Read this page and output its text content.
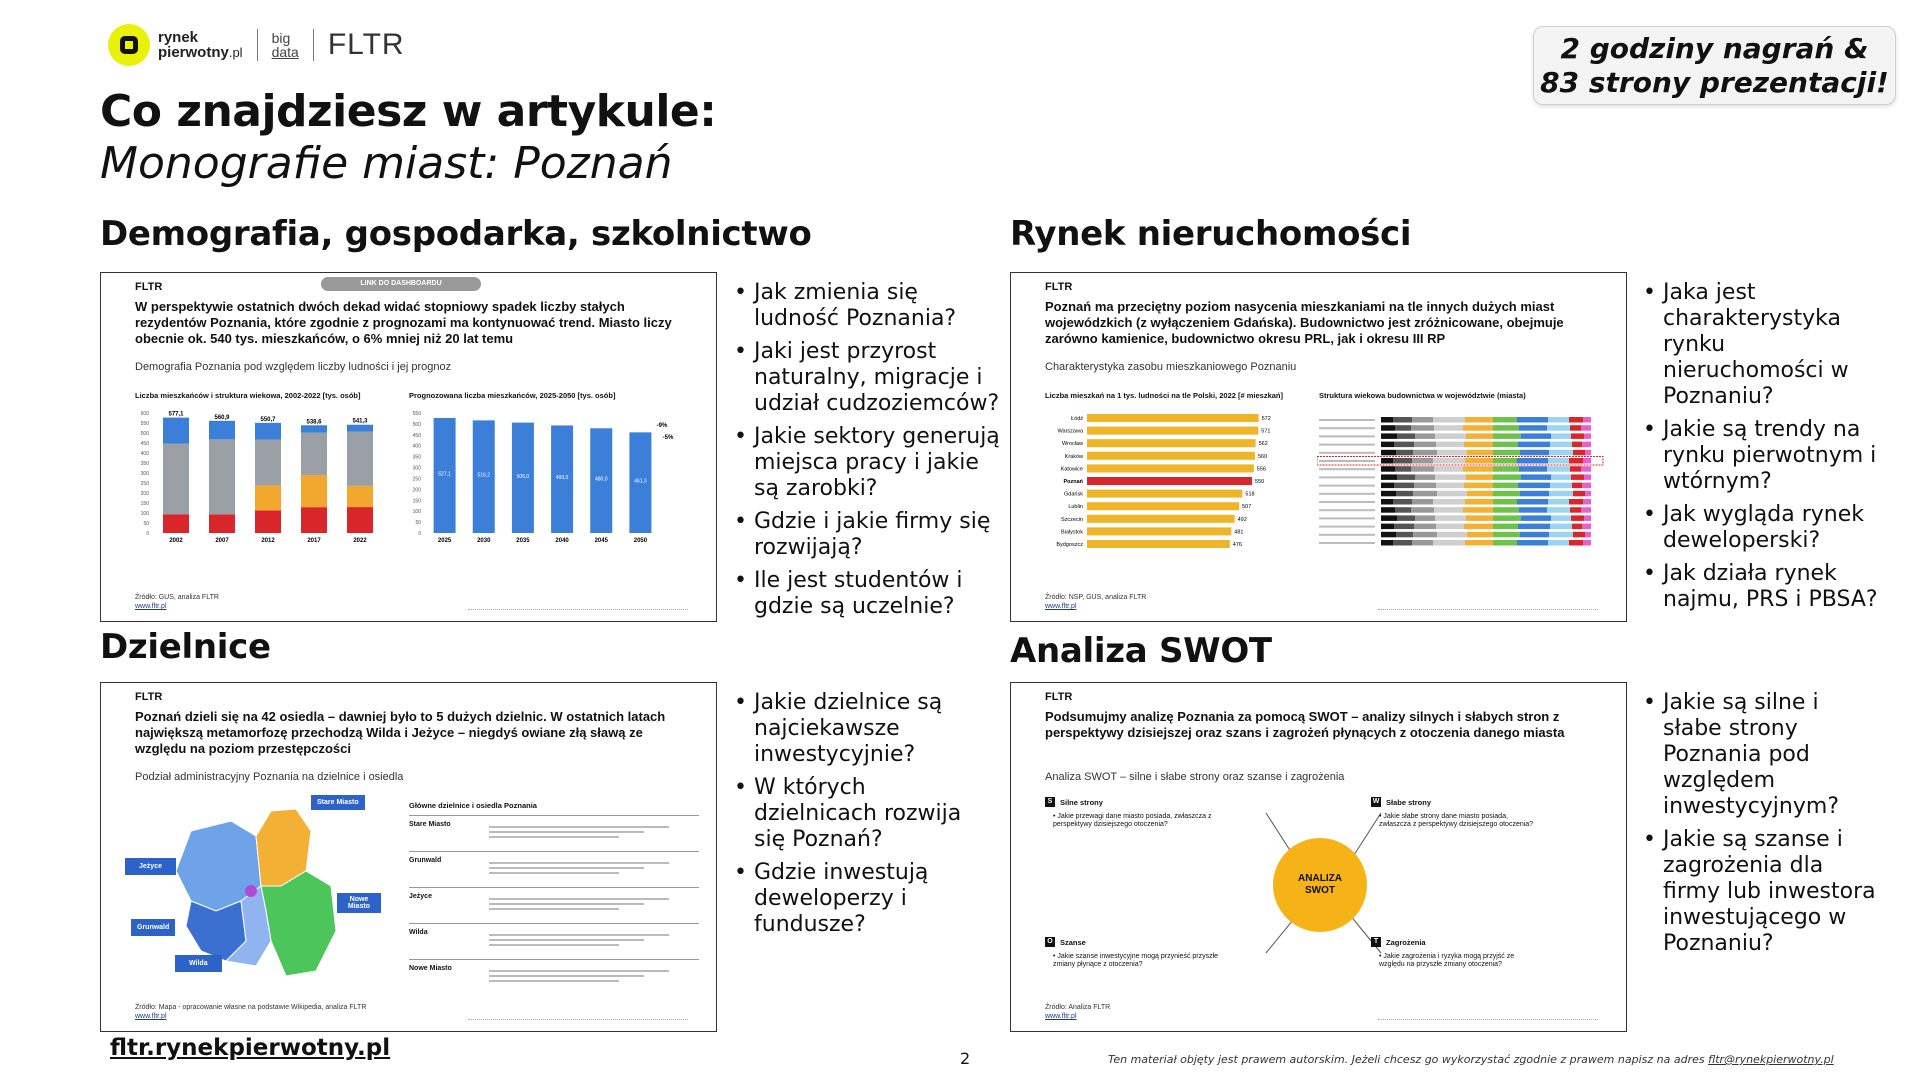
rynek
pierwotny.pl
big
data FLTR
Co znajdziesz w artykule:
Monografie miast: Poznań
2 godziny nagrań &
83 strony prezentacji!
Demografia, gospodarka, szkolnictwo	Rynek nieruchomości
Dzielnice	Analiza SWOT
LINK DO DASHBOARDU
FLTR
W perspektywie ostatnich dwóch dekad widać stopniowy spadek liczby stałych rezydentów Poznania, które zgodnie z prognozami ma kontynuować trend. Miasto liczy obecnie ok. 540 tys. mieszkańców, o 6% mniej niż 20 lat temu
Demografia Poznania pod względem liczby ludności i jej prognoz
Liczba mieszkańców i struktura wiekowa, 2002-2022 [tys. osób]	Prognozowana liczba mieszkańców, 2025-2050 [tys. osób]
600
550
500
450
400
350
300
250
200
150
100
50
0
577,1
2002
560,9
2007
550,7
2012
538,6
2017
541,3
2022
550
500
450
400
350
300
250
200
150
100
50
0
527,1
2025
516,2
2030
506,0
2035
493,0
2040
480,0
2045
461,3
2050
-9%
-5%
Źródło: GUS, analiza FLTR
www.fltr.pl
FLTR
Poznań ma przeciętny poziom nasycenia mieszkaniami na tle innych dużych miast wojewódzkich (z wyłączeniem Gdańska). Budownictwo jest zróżnicowane, obejmuje zarówno kamienice, budownictwo okresu PRL, jak i okresu III RP
Charakterystyka zasobu mieszkaniowego Poznaniu
Liczba mieszkań na 1 tys. ludności na tle Polski, 2022 [# mieszkań]	Struktura wiekowa budownictwa w województwie (miasta)
Łódź	572
Warszawa	571
Wrocław	562
Kraków	560
Katowice	556
Poznań	550
Gdańsk	518
Lublin	507
Szczecin	492
Białystok	481
Bydgoszcz	476
Źródło: NSP, GUS, analiza FLTR
www.fltr.pl
FLTR
Poznań dzieli się na 42 osiedla – dawniej było to 5 dużych dzielnic. W ostatnich latach największą metamorfozę przechodzą Wilda i Jeżyce – niegdyś owiane złą sławą ze względu na poziom przestępczości
Podział administracyjny Poznania na dzielnice i osiedla
Stare Miasto
Jeżyce
Nowe Miasto
Grunwald
Wilda
Główne dzielnice i osiedla Poznania
Stare Miasto
Grunwald
Jeżyce
Wilda
Nowe Miasto
Źródło: Mapa - opracowanie własne na podstawie Wikipedia, analiza FLTR
www.fltr.pl
FLTR
Podsumujmy analizę Poznania za pomocą SWOT – analizy silnych i słabych stron z perspektywy dzisiejszej oraz szans i zagrożeń płynących z otoczenia danego miasta
Analiza SWOT – silne i słabe strony oraz szanse i zagrożenia
ANALIZA
SWOT
Źródło: Analiza FLTR
www.fltr.pl
S	Silne strony
• Jakie przewagi dane miasto posiada, zwłaszcza z perspektywy dzisiejszego otoczenia?
W Słabe strony
• Jakie słabe strony dane miasto posiada, zwłaszcza z perspektywy dzisiejszego otoczenia?
O Szanse
• Jakie szanse inwestycyjne mogą przynieść przyszłe zmiany płynące z otoczenia?
T	Zagrożenia
• Jakie zagrożenia i ryzyka mogą przyjść ze względu na przyszłe zmiany otoczenia?
• Jak zmienia się ludność Poznania?
• Jaki jest przyrost naturalny, migracje i udział cudzoziemców?
• Jakie sektory generują miejsca pracy i jakie są zarobki?
• Gdzie i jakie firmy się rozwijają?
• Ile jest studentów i gdzie są uczelnie?
• Jaka jest charakterystyka rynku nieruchomości w Poznaniu?
• Jakie są trendy na rynku pierwotnym i wtórnym?
• Jak wygląda rynek deweloperski?
• Jak działa rynek najmu, PRS i PBSA?
• Jakie dzielnice są najciekawsze inwestycyjnie?
• W których dzielnicach rozwija się Poznań?
• Gdzie inwestują deweloperzy i fundusze?
• Jakie są silne i słabe strony Poznania pod względem inwestycyjnym?
• Jakie są szanse i zagrożenia dla firmy lub inwestora inwestującego w Poznaniu?
fltr.rynekpierwotny.pl	2	Ten materiał objęty jest prawem autorskim. Jeżeli chcesz go wykorzystać zgodnie z prawem napisz na adres fltr@rynekpierwotny.pl
